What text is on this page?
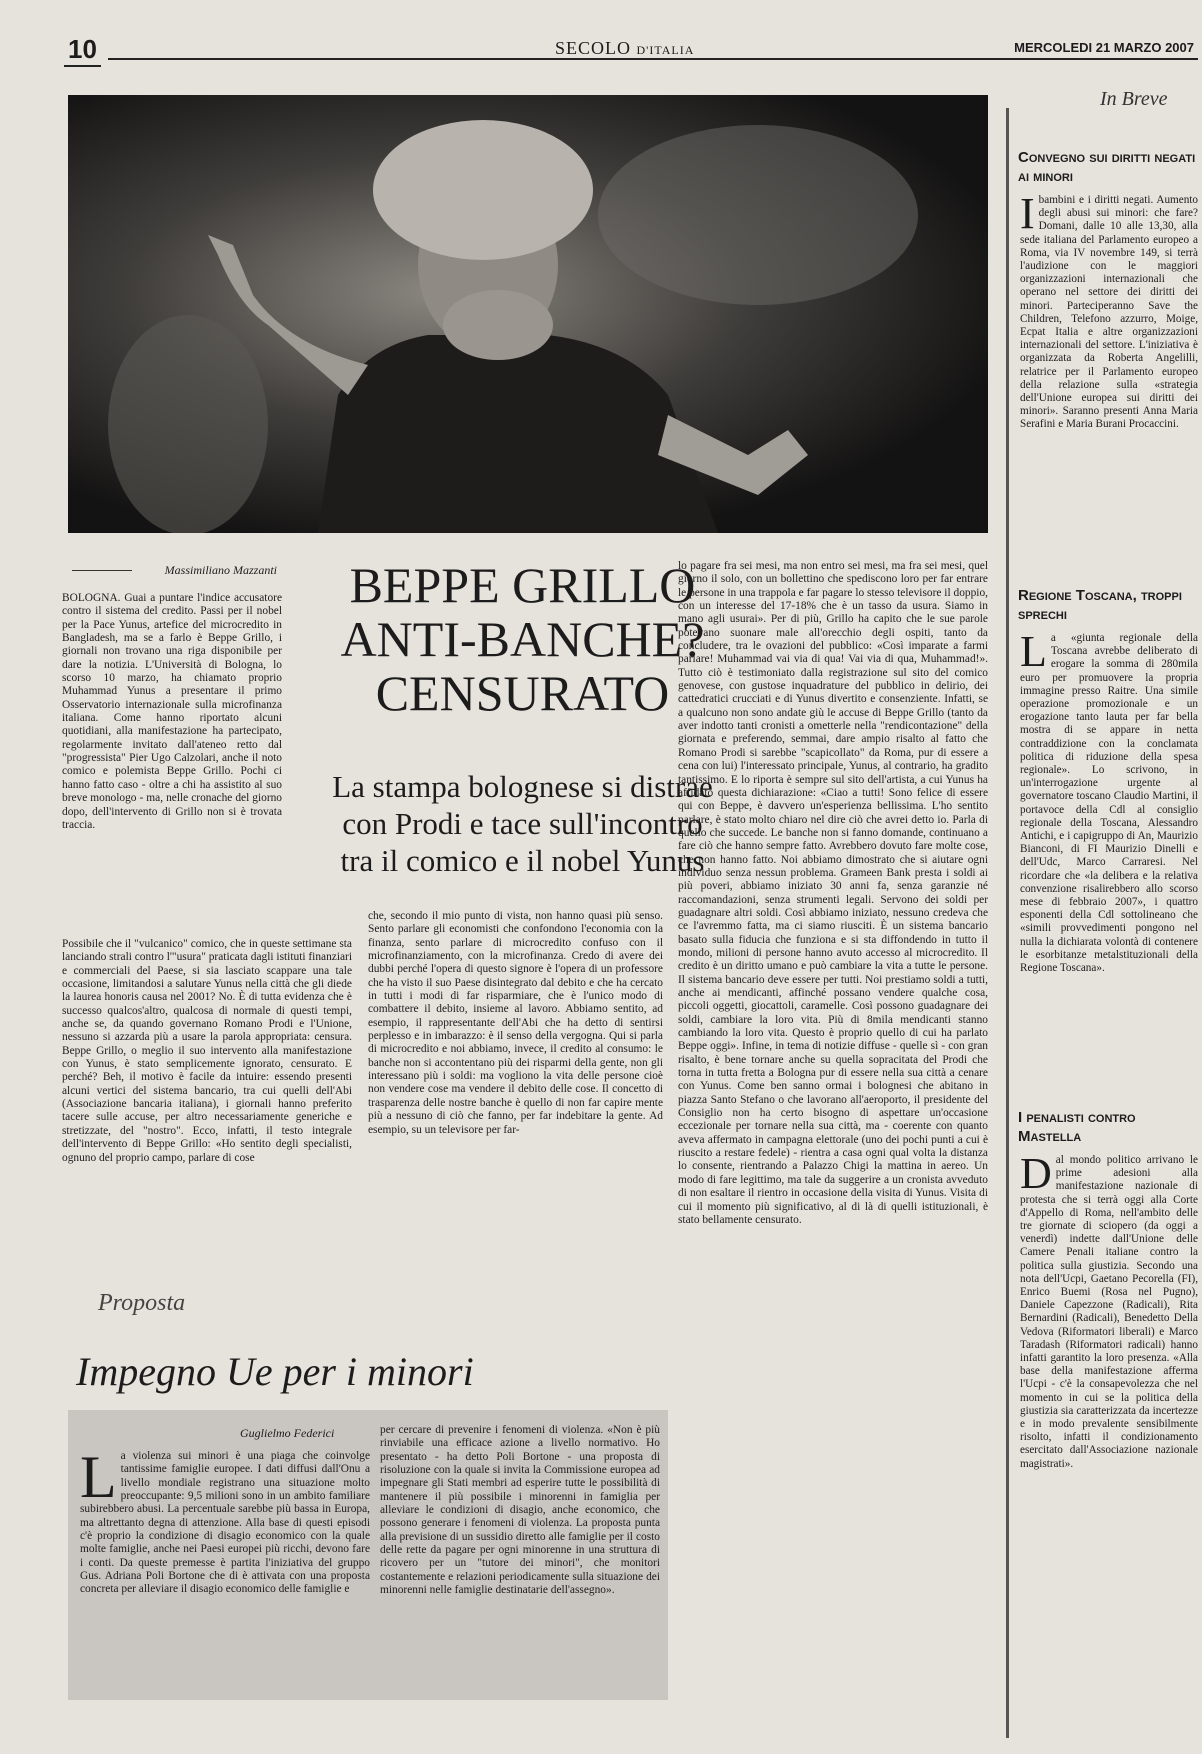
10	SECOLO D'ITALIA	MERCOLEDI 21 MARZO 2007
In Breve
Convegno sui diritti negati ai minori
Ibambini e i diritti negati. Aumento degli abusi sui minori: che fare? Domani, dalle 10 alle 13,30, alla sede italiana del Parlamento europeo a Roma, via IV novembre 149, si terrà l'audizione con le maggiori organizzazioni internazionali che operano nel settore dei diritti dei minori. Parteciperanno Save the Children, Telefono azzurro, Moige, Ecpat Italia e altre organizzazioni internazionali del settore. L'iniziativa è organizzata da Roberta Angelilli, relatrice per il Parlamento europeo della relazione sulla «strategia dell'Unione europea sui diritti dei minori». Saranno presenti Anna Maria Serafini e Maria Burani Procaccini.
Regione Toscana, troppi sprechi
La «giunta regionale della Toscana avrebbe deliberato di erogare la somma di 280mila euro per promuovere la propria immagine presso Raitre. Una simile operazione promozionale e un erogazione tanto lauta per far bella mostra di se appare in netta contraddizione con la conclamata politica di riduzione della spesa regionale». Lo scrivono, in un'interrogazione urgente al governatore toscano Claudio Martini, il portavoce della Cdl al consiglio regionale della Toscana, Alessandro Antichi, e i capigruppo di An, Maurizio Bianconi, di FI Maurizio Dinelli e dell'Udc, Marco Carraresi. Nel ricordare che «la delibera e la relativa convenzione risalirebbero allo scorso mese di febbraio 2007», i quattro esponenti della Cdl sottolineano che «simili provvedimenti pongono nel nulla la dichiarata volontà di contenere le esorbitanze metalstituzionali della Regione Toscana».
I penalisti contro Mastella
Dal mondo politico arrivano le prime adesioni alla manifestazione nazionale di protesta che si terrà oggi alla Corte d'Appello di Roma, nell'ambito delle tre giornate di sciopero (da oggi a venerdì) indette dall'Unione delle Camere Penali italiane contro la politica sulla giustizia. Secondo una nota dell'Ucpi, Gaetano Pecorella (FI), Enrico Buemi (Rosa nel Pugno), Daniele Capezzone (Radicali), Rita Bernardini (Radicali), Benedetto Della Vedova (Riformatori liberali) e Marco Taradash (Riformatori radicali) hanno infatti garantito la loro presenza. «Alla base della manifestazione afferma l'Ucpi - c'è la consapevolezza che nel momento in cui se la politica della giustizia sia caratterizzata da incertezze e in modo prevalente sensibilmente risolto, infatti il condizionamento esercitato dall'Associazione nazionale magistrati».
Massimiliano Mazzanti	BEPPE GRILLO
ANTI-BANCHE?
CENSURATO
La stampa bolognese si distrae
con Prodi e tace sull'incontro
tra il comico e il nobel Yunus
BOLOGNA. Guai a puntare l'indice accusatore contro il sistema del credito. Passi per il nobel per la Pace Yunus, artefice del microcredito in Bangladesh, ma se a farlo è Beppe Grillo, i giornali non trovano una riga disponibile per dare la notizia. L'Università di Bologna, lo scorso 10 marzo, ha chiamato proprio Muhammad Yunus a presentare il primo Osservatorio internazionale sulla microfinanza italiana. Come hanno riportato alcuni quotidiani, alla manifestazione ha partecipato, regolarmente invitato dall'ateneo retto dal "progressista" Pier Ugo Calzolari, anche il noto comico e polemista Beppe Grillo. Pochi ci hanno fatto caso - oltre a chi ha assistito al suo breve monologo - ma, nelle cronache del giorno dopo, dell'intervento di Grillo non si è trovata traccia.
Possibile che il "vulcanico" comico, che in queste settimane sta lanciando strali contro l'"usura" praticata dagli istituti finanziari e commerciali del Paese, si sia lasciato scappare una tale occasione, limitandosi a salutare Yunus nella città che gli diede la laurea honoris causa nel 2001? No. È di tutta evidenza che è successo qualcos'altro, qualcosa di normale di questi tempi, anche se, da quando governano Romano Prodi e l'Unione, nessuno si azzarda più a usare la parola appropriata: censura. Beppe Grillo, o meglio il suo intervento alla manifestazione con Yunus, è stato semplicemente ignorato, censurato. E perché? Beh, il motivo è facile da intuire: essendo presenti alcuni vertici del sistema bancario, tra cui quelli dell'Abi (Associazione bancaria italiana), i giornali hanno preferito tacere sulle accuse, per altro necessariamente generiche e stretizzate, del "nostro". Ecco, infatti, il testo integrale dell'intervento di Beppe Grillo: «Ho sentito degli specialisti, ognuno del proprio campo, parlare di cose
che, secondo il mio punto di vista, non hanno quasi più senso. Sento parlare gli economisti che confondono l'economia con la finanza, sento parlare di microcredito confuso con il microfinanziamento, con la microfinanza. Credo di avere dei dubbi perché l'opera di questo signore è l'opera di un professore che ha visto il suo Paese disintegrato dal debito e che ha cercato in tutti i modi di far risparmiare, che è l'unico modo di combattere il debito, insieme al lavoro. Abbiamo sentito, ad esempio, il rappresentante dell'Abi che ha detto di sentirsi perplesso e in imbarazzo: è il senso della vergogna. Qui si parla di microcredito e noi abbiamo, invece, il credito al consumo: le banche non si accontentano più dei risparmi della gente, non gli interessano più i soldi: ma vogliono la vita delle persone cioè non vendere cose ma vendere il debito delle cose. Il concetto di trasparenza delle nostre banche è quello di non far capire mente più a nessuno di ciò che fanno, per far indebitare la gente. Ad esempio, su un televisore per far-
lo pagare fra sei mesi, ma non entro sei mesi, ma fra sei mesi, quel giorno il solo, con un bollettino che spediscono loro per far entrare le persone in una trappola e far pagare lo stesso televisore il doppio, con un interesse del 17-18% che è un tasso da usura. Siamo in mano agli usurai». Per di più, Grillo ha capito che le sue parole potevano suonare male all'orecchio degli ospiti, tanto da concludere, tra le ovazioni del pubblico: «Così imparate a farmi parlare! Muhammad vai via di qua! Vai via di qua, Muhammad!». Tutto ciò è testimoniato dalla registrazione sul sito del comico genovese, con gustose inquadrature del pubblico in delirio, dei cattedratici crucciati e di Yunus divertito e consenziente. Infatti, se a qualcuno non sono andate giù le accuse di Beppe Grillo (tanto da aver indotto tanti cronisti a ometterle nella "rendicontazione" della giornata e preferendo, semmai, dare ampio risalto al fatto che Romano Prodi si sarebbe "scapicollato" da Roma, pur di essere a cena con lui) l'interessato principale, Yunus, al contrario, ha gradito tantissimo. E lo riporta è sempre sul sito dell'artista, a cui Yunus ha affidato questa dichiarazione: «Ciao a tutti! Sono felice di essere qui con Beppe, è davvero un'esperienza bellissima. L'ho sentito parlare, è stato molto chiaro nel dire ciò che avrei detto io. Parla di quello che succede. Le banche non si fanno domande, continuano a fare ciò che hanno sempre fatto. Avrebbero dovuto fare molte cose, che non hanno fatto. Noi abbiamo dimostrato che si aiutare ogni individuo senza nessun problema. Grameen Bank presta i soldi ai più poveri, abbiamo iniziato 30 anni fa, senza garanzie né raccomandazioni, senza strumenti legali. Servono dei soldi per guadagnare altri soldi. Così abbiamo iniziato, nessuno credeva che ce l'avremmo fatta, ma ci siamo riusciti. È un sistema bancario basato sulla fiducia che funziona e si sta diffondendo in tutto il mondo, milioni di persone hanno avuto accesso al microcredito. Il credito è un diritto umano e può cambiare la vita a tutte le persone. Il sistema bancario deve essere per tutti. Noi prestiamo soldi a tutti, anche ai mendicanti, affinché possano vendere qualche cosa, piccoli oggetti, giocattoli, caramelle. Così possono guadagnare dei soldi, cambiare la loro vita. Più di 8mila mendicanti stanno cambiando la loro vita. Questo è proprio quello di cui ha parlato Beppe oggi». Infine, in tema di notizie diffuse - quelle sì - con gran risalto, è bene tornare anche su quella sopracitata del Prodi che torna in tutta fretta a Bologna pur di essere nella sua città a cenare con Yunus. Come ben sanno ormai i bolognesi che abitano in piazza Santo Stefano o che lavorano all'aeroporto, il presidente del Consiglio non ha certo bisogno di aspettare un'occasione eccezionale per tornare nella sua città, ma - coerente con quanto aveva affermato in campagna elettorale (uno dei pochi punti a cui è riuscito a restare fedele) - rientra a casa ogni qual volta la distanza lo consente, rientrando a Palazzo Chigi la mattina in aereo. Un modo di fare legittimo, ma tale da suggerire a un cronista avveduto di non esaltare il rientro in occasione della visita di Yunus. Visita di cui il momento più significativo, al di là di quelli istituzionali, è stato bellamente censurato.
Proposta
Impegno Ue per i minori
Guglielmo Federici
La violenza sui minori è una piaga che coinvolge tantissime famiglie europee. I dati diffusi dall'Onu a livello mondiale registrano una situazione molto preoccupante: 9,5 milioni sono in un ambito familiare subirebbero abusi. La percentuale sarebbe più bassa in Europa, ma altrettanto degna di attenzione. Alla base di questi episodi c'è proprio la condizione di disagio economico con la quale molte famiglie, anche nei Paesi europei più ricchi, devono fare i conti. Da queste premesse è partita l'iniziativa del gruppo Gus. Adriana Poli Bortone che di è attivata con una proposta concreta per alleviare il disagio economico delle famiglie e
per cercare di prevenire i fenomeni di violenza. «Non è più rinviabile una efficace azione a livello normativo. Ho presentato - ha detto Poli Bortone - una proposta di risoluzione con la quale si invita la Commissione europea ad impegnare gli Stati membri ad esperire tutte le possibilità di mantenere il più possibile i minorenni in famiglia per alleviare le condizioni di disagio, anche economico, che possono generare i fenomeni di violenza. La proposta punta alla previsione di un sussidio diretto alle famiglie per il costo delle rette da pagare per ogni minorenne in una struttura di ricovero per un "tutore dei minori", che monitori costantemente e relazioni periodicamente sulla situazione dei minorenni nelle famiglie destinatarie dell'assegno».
